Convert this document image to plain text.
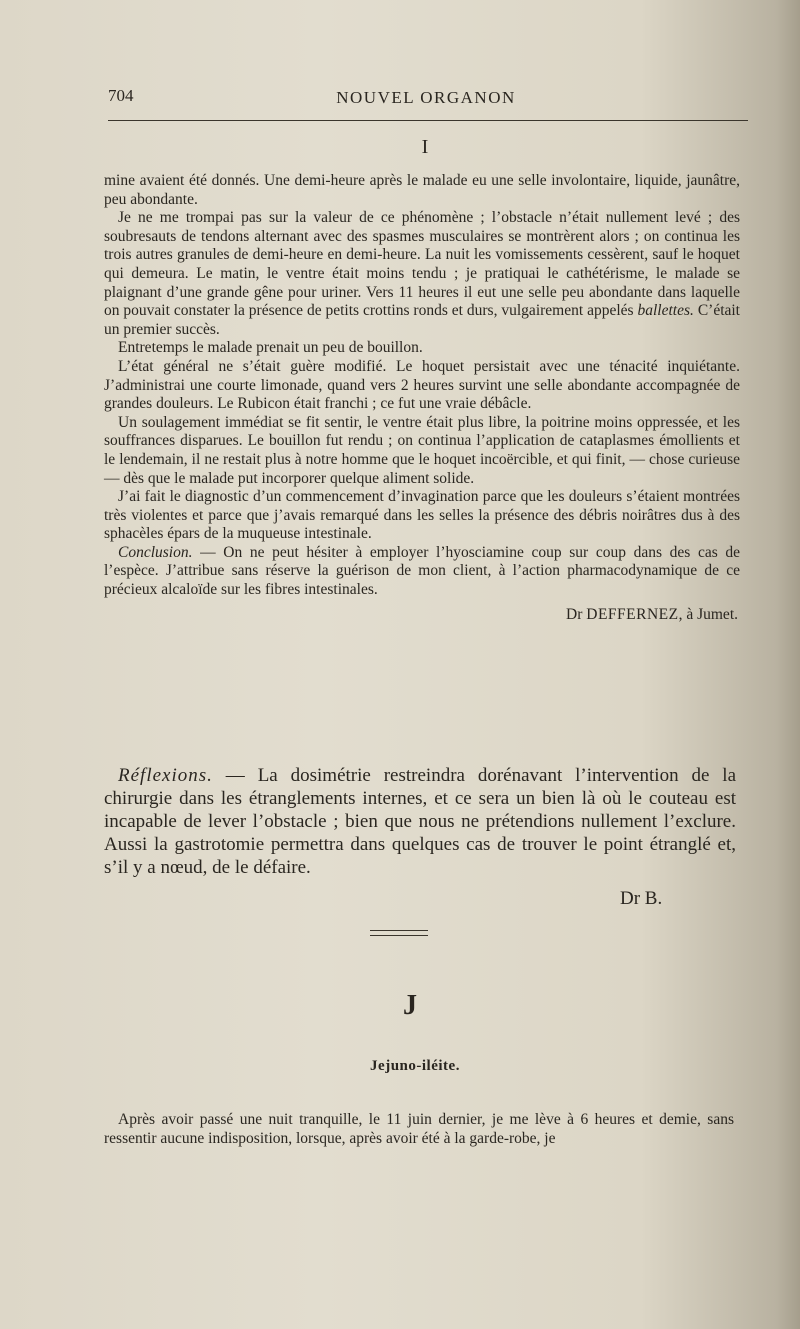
704	NOUVEL ORGANON
I

mine avaient été donnés. Une demi-heure après le malade eu une selle involontaire, liquide, jaunâtre, peu abondante.

Je ne me trompai pas sur la valeur de ce phénomène ; l’obstacle n’était nullement levé ; des soubresauts de tendons alternant avec des spasmes musculaires se montrèrent alors ; on continua les trois autres granules de demi-heure en demi-heure. La nuit les vomissements cessèrent, sauf le hoquet qui demeura. Le matin, le ventre était moins tendu ; je pratiquai le cathétérisme, le malade se plaignant d’une grande gêne pour uriner. Vers 11 heures il eut une selle peu abondante dans laquelle on pouvait constater la présence de petits crottins ronds et durs, vulgairement appelés ballettes. C’était un premier succès.

Entretemps le malade prenait un peu de bouillon.

L’état général ne s’était guère modifié. Le hoquet persistait avec une ténacité inquiétante. J’administrai une courte limonade, quand vers 2 heures survint une selle abondante accompagnée de grandes douleurs. Le Rubicon était franchi ; ce fut une vraie débâcle.

Un soulagement immédiat se fit sentir, le ventre était plus libre, la poitrine moins oppressée, et les souffrances disparues. Le bouillon fut rendu ; on continua l’application de cataplasmes émollients et le lendemain, il ne restait plus à notre homme que le hoquet incoërcible, et qui finit, — chose curieuse — dès que le malade put incorporer quelque aliment solide.

J’ai fait le diagnostic d’un commencement d’invagination parce que les douleurs s’étaient montrées très violentes et parce que j’avais remarqué dans les selles la présence des débris noirâtres dus à des sphacèles épars de la muqueuse intestinale.

Conclusion. — On ne peut hésiter à employer l’hyosciamine coup sur coup dans des cas de l’espèce. J’attribue sans réserve la guérison de mon client, à l’action pharmacodynamique de ce précieux alcaloïde sur les fibres intestinales.

Dr DEFFERNEZ, à Jumet.

Réflexions. — La dosimétrie restreindra dorénavant l’intervention de la chirurgie dans les étranglements internes, et ce sera un bien là où le couteau est incapable de lever l’obstacle ; bien que nous ne prétendions nullement l’exclure. Aussi la gastrotomie permettra dans quelques cas de trouver le point étranglé et, s’il y a nœud, de le défaire.

Dr B.
J
Jejuno-iléite.

Après avoir passé une nuit tranquille, le 11 juin dernier, je me lève à 6 heures et demie, sans ressentir aucune indisposition, lorsque, après avoir été à la garde-robe, je
